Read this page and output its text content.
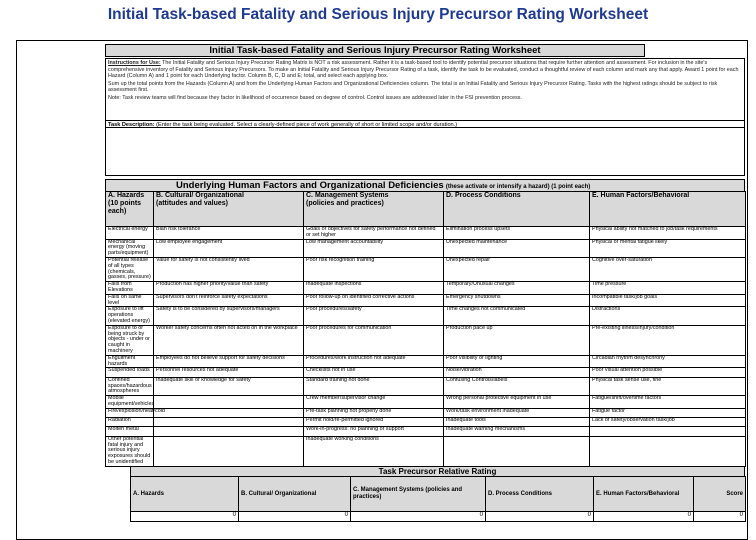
Initial Task-based Fatality and Serious Injury Precursor Rating Worksheet
Initial Task-based Fatality and Serious Injury Precursor Rating Worksheet

Instructions for Use: The Initial Fatality and Serious Injury Precursor Rating Matrix is NOT a risk assessment. Rather it is a task-based tool to identify potential precursor situations that require further attention and assessment. For inclusion in the site's comprehensive inventory of Fatality and Serious Injury Precursors. To make an Initial Fatality and Serious Injury Precursor Rating of a task, identify the task to be evaluated, conduct a thoughtful review of each column and mark any that apply. Award 1 point for each Hazard (Column A) and 1 point for each Underlying factor. Column B, C, D and E; total, and select each applying box.

Sum up the total points from the Hazards (Column A) and from the Underlying Human Factors and Organizational Deficiencies column. The total is an Initial Fatality and Serious Injury Precursor Rating. Tasks with the highest ratings should be subject to risk assessment first.

Note: Task review teams will find because they factor in likelihood of occurrence based on degree of control. Control issues are addressed later in the FSI prevention process.

Task Description: (Enter the task being evaluated. Select a clearly-defined piece of work generally of short or limited scope and/or duration.)
Underlying Human Factors and Organizational Deficiencies (these activate or intensify a hazard) (1 point each)
A. Hazards
(10 points each)	B. Cultural/ Organizational
(attitudes and values)	C. Management Systems
(policies and practices)	D. Process Conditions	E. Human Factors/Behavioral
Electrical energy	Blah risk tolerance	Goals or objectives for safety performance not defined or set higher	Elimination process upsets	Physical ability not matched to job/task requirements
Mechanical energy (moving parts/equipment)	Low employee engagement	Low management accountability	Unexpected maintenance	Physical or mental fatigue likely
Potential release of all types (chemicals, gasses, pressure)	Value for safety is not consistently lived	Poor risk recognition training	Unexpected repair	Cognitive over-saturation
Falls from Elevations	Production has higher priority/value than safety	Inadequate inspections	Temporary/Unusual changes	Time pressure
Falls on same level	Supervisors don't reinforce safety expectations	Poor follow-up on identified corrective actions	Emergency shutdowns	Incompatible task/job goals
Exposure to lift operations (elevated energy)	Safety is to be considered by supervisors/managers	Poor procedures/safety	Time changes not communicated	Distractions
Exposure to or being struck by objects - under or caught in machinery	Worker safety concerns often not acted on in the workplace	Poor procedures for communication	Production pace up	Pre-existing illness/injury/condition
Engulfment hazards	Employees do not believe support for safety decisions	Procedures/work instruction not adequate	Poor visibility or lighting	Circadian rhythm desynchrony
Suspended loads	Personnel resources not adequate	Checklists not in use	Noise/vibration	Poor visual attention possible
Confined spaces/hazardous atmospheres	Inadequate skill or knowledge for safety	Standard training not done	Confusing Controls/labels	Physical task sense use, fine
Mobile equipment/vehicles		Crew member/supervisor change	Wrong personal protective equipment in use	Fatigue/shift/overtime factors
Fire/explosion/heat/cold		Pre-task planning not properly done	Work/task environment inadequate	Fatigue factor
Radiation		Permit hold/re-permitted ignored	Inadequate tools	Lack of safety/observation task/job
Molten metal		Work-in-progress: no planning or support	Inadequate warning mechanisms	
Other potential fatal injury and serious injury exposures should be unidentified		Inadequate working conditions		
Task Precursor Relative Rating
A. Hazards	B. Cultural/ Organizational	C. Management Systems (policies and practices)	D. Process Conditions	E. Human Factors/Behavioral	Score
0	0	0	0	0	0
